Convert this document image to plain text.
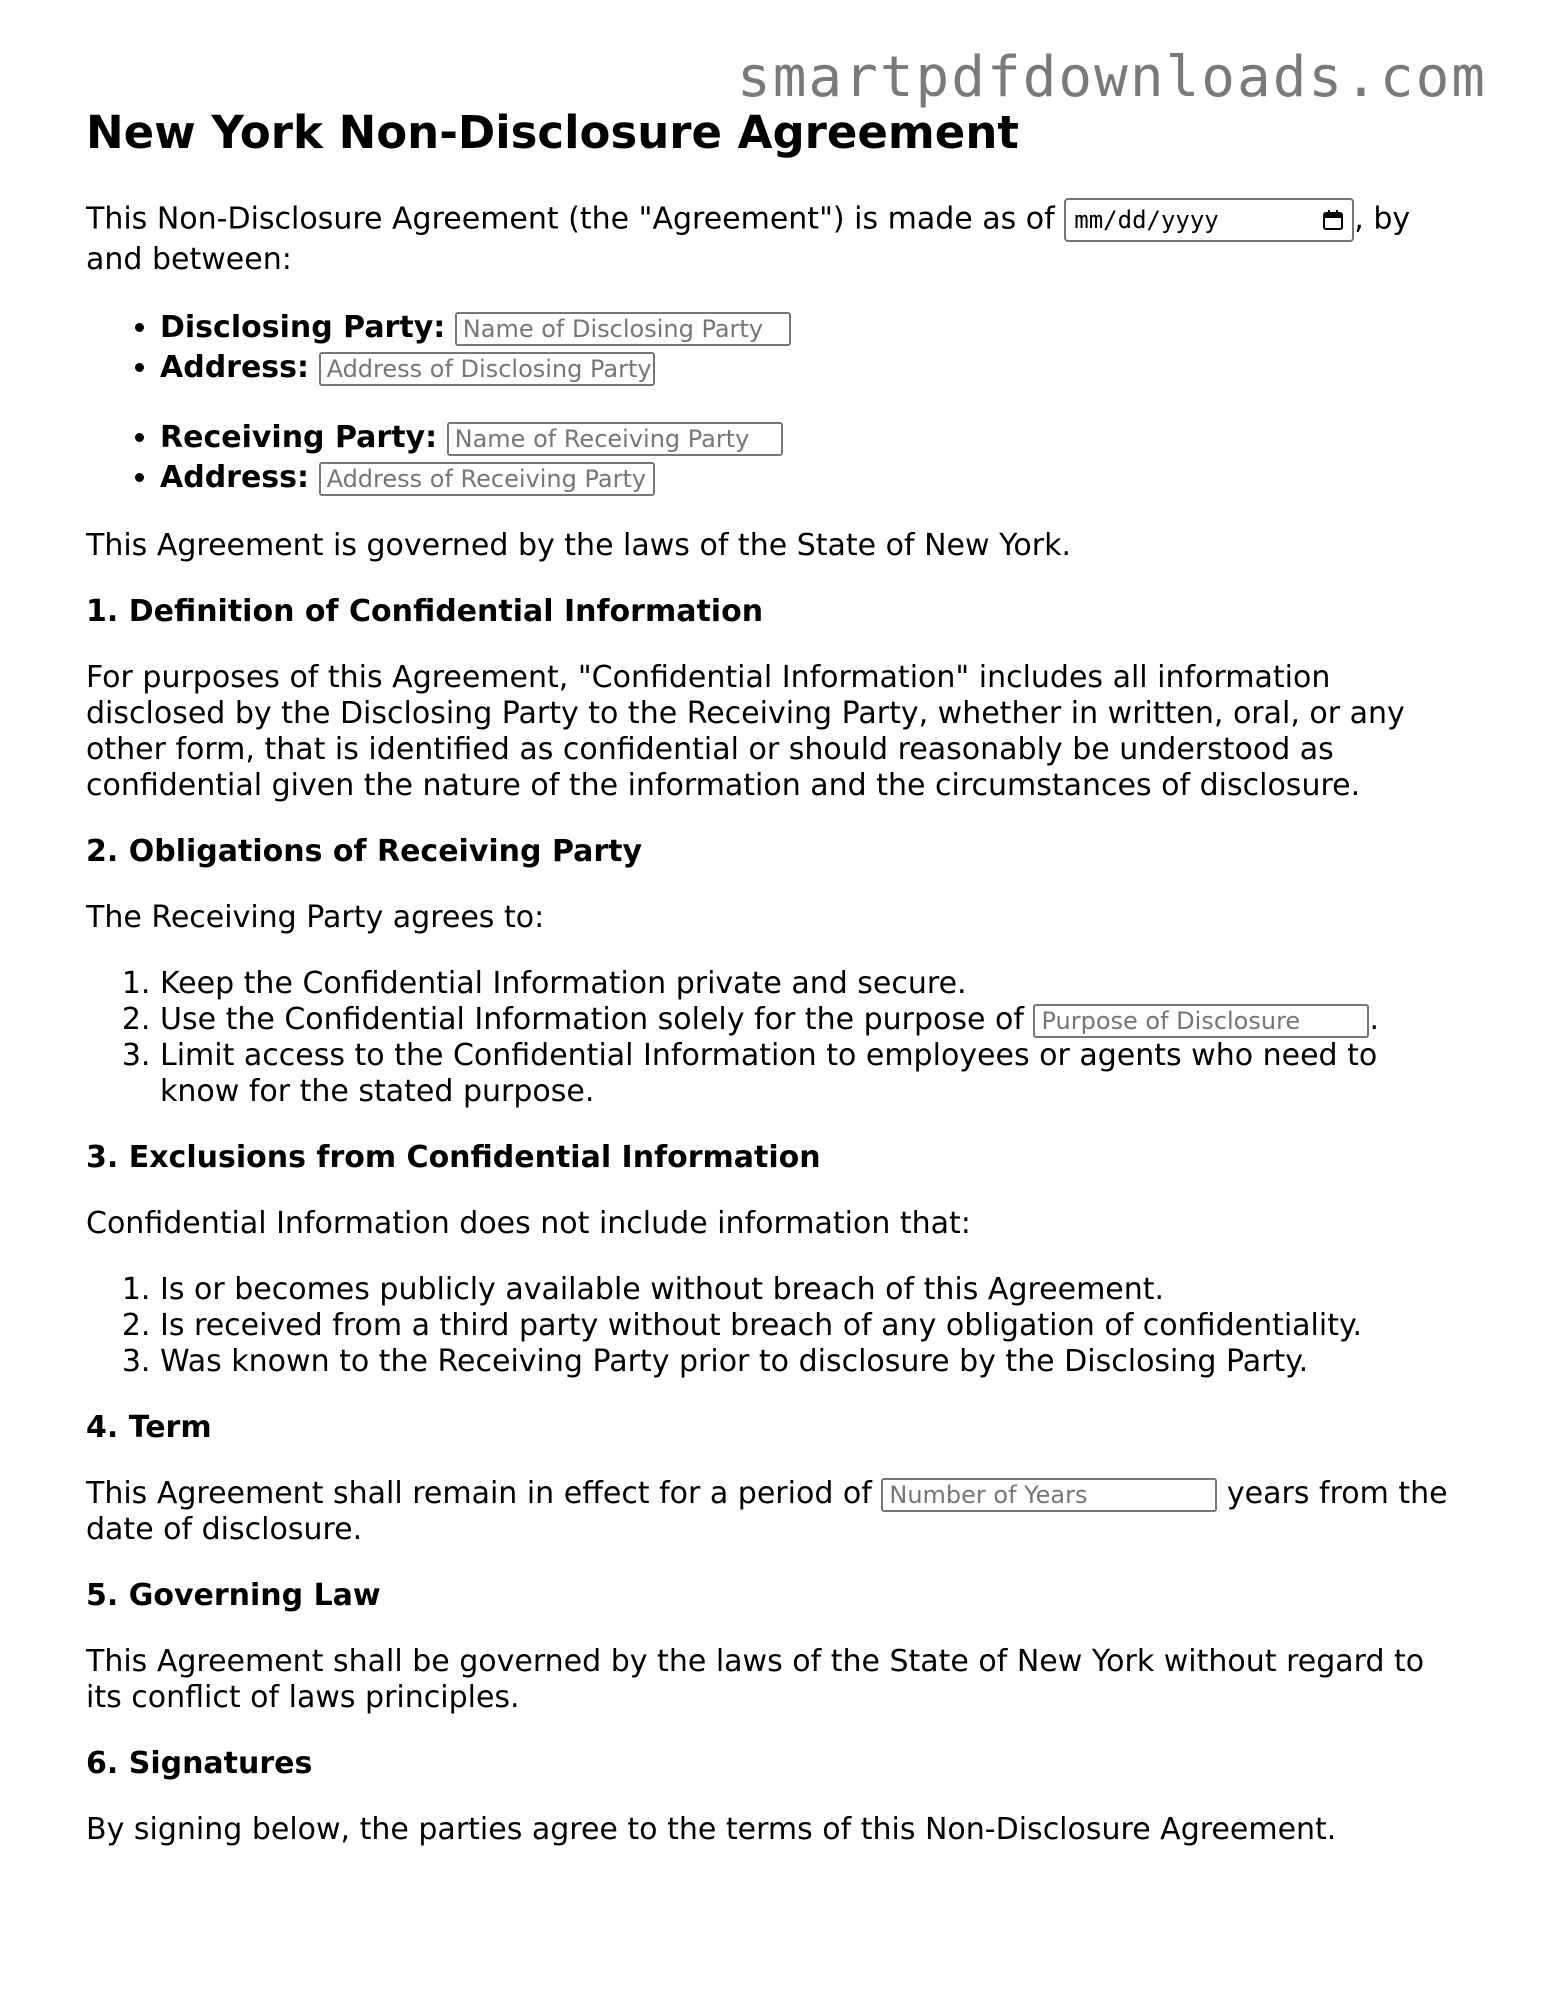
smartpdfdownloads.com
New York Non-Disclosure Agreement

This Non-Disclosure Agreement (the "Agreement") is made as of mm/dd/yyyy	, by and between:

• Disclosing Party: Name of Disclosing Party
• Address: Address of Disclosing Party
• Receiving Party: Name of Receiving Party
• Address: Address of Receiving Party

This Agreement is governed by the laws of the State of New York.

1. Definition of Confidential Information

For purposes of this Agreement, "Confidential Information" includes all information disclosed by the Disclosing Party to the Receiving Party, whether in written, oral, or any other form, that is identified as confidential or should reasonably be understood as confidential given the nature of the information and the circumstances of disclosure.

2. Obligations of Receiving Party

The Receiving Party agrees to:

1. Keep the Confidential Information private and secure.
2. Use the Confidential Information solely for the purpose of Purpose of Disclosure .
3. Limit access to the Confidential Information to employees or agents who need to know for the stated purpose.
3. Exclusions from Confidential Information

Confidential Information does not include information that:

1. Is or becomes publicly available without breach of this Agreement.
2. Is received from a third party without breach of any obligation of confidentiality.
3. Was known to the Receiving Party prior to disclosure by the Disclosing Party.
4. Term

This Agreement shall remain in effect for a period of Number of Years	years from the date of disclosure.

5. Governing Law

This Agreement shall be governed by the laws of the State of New York without regard to its conflict of laws principles.

6. Signatures

By signing below, the parties agree to the terms of this Non-Disclosure Agreement.
